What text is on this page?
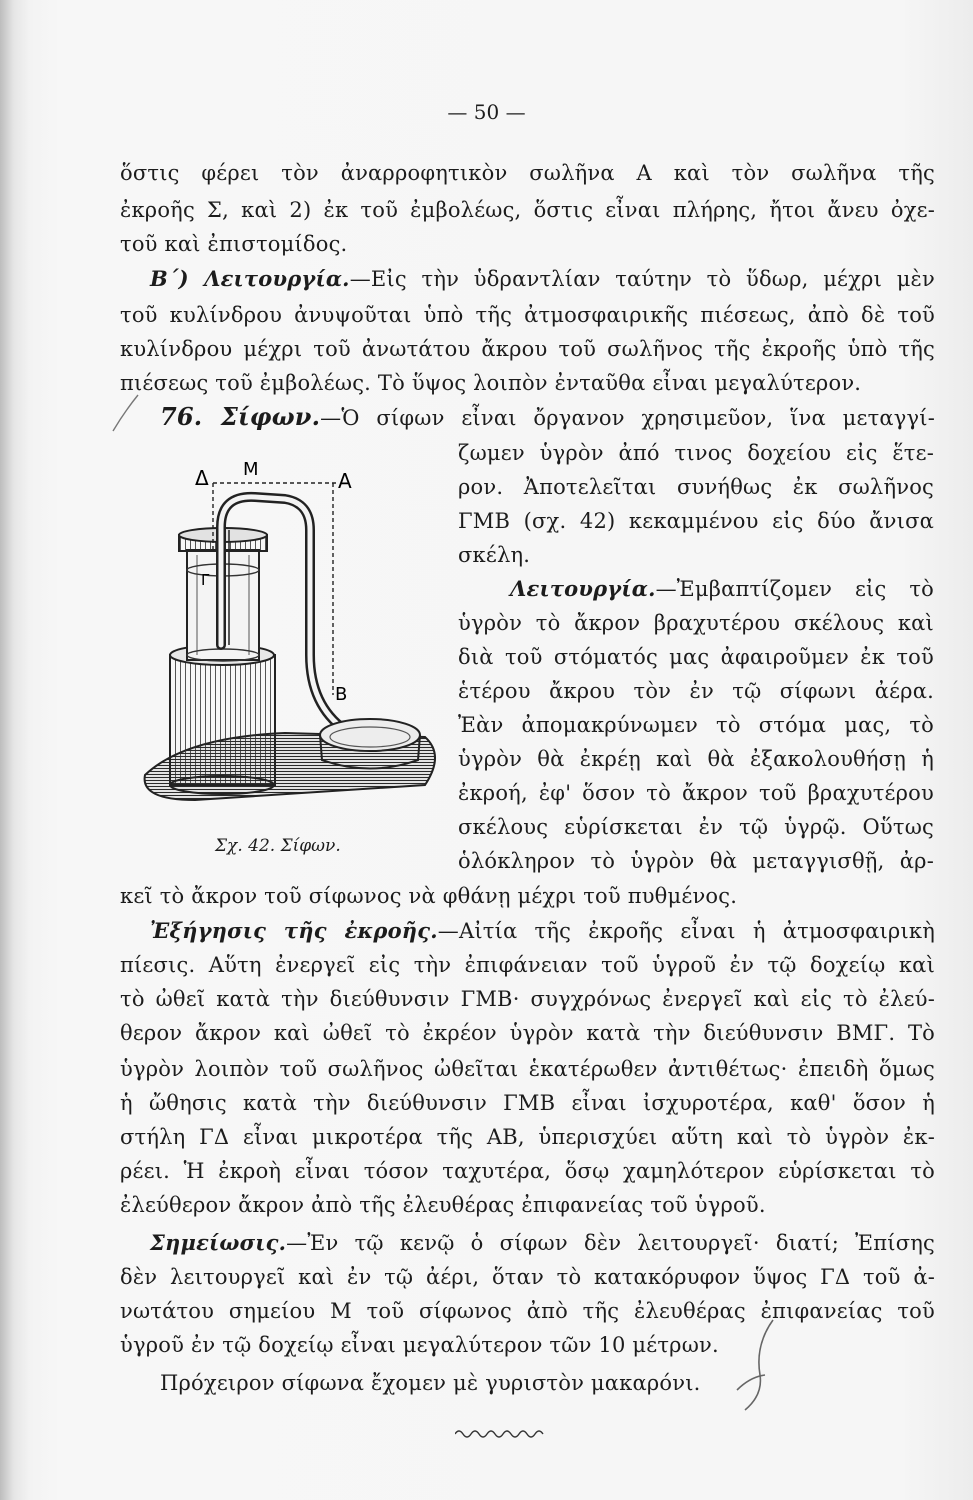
— 50 —
ὅστις φέρει τὸν ἀναρροφητικὸν σωλῆνα Α καὶ τὸν σωλῆνα τῆς
ἐκροῆς Σ, καὶ 2) ἐκ τοῦ ἐμβολέως, ὅστις εἶναι πλήρης, ἤτοι ἄνευ ὀχε-
τοῦ καὶ ἐπιστομίδος.
Β΄) Λειτουργία.—Εἰς τὴν ὑδραντλίαν ταύτην τὸ ὕδωρ, μέχρι μὲν
τοῦ κυλίνδρου ἀνυψοῦται ὑπὸ τῆς ἀτμοσφαιρικῆς πιέσεως, ἀπὸ δὲ τοῦ
κυλίνδρου μέχρι τοῦ ἀνωτάτου ἄκρου τοῦ σωλῆνος τῆς ἐκροῆς ὑπὸ τῆς
πιέσεως τοῦ ἐμβολέως. Τὸ ὕψος λοιπὸν ἐνταῦθα εἶναι μεγαλύτερον.
76. Σίφων.—Ὁ σίφων εἶναι ὄργανον χρησιμεῦον, ἵνα μεταγγί-
ζωμεν ὑγρὸν ἀπό τινος δοχείου εἰς ἕτε-
ρον. Ἀποτελεῖται συνήθως ἐκ σωλῆνος
ΓΜΒ (σχ. 42) κεκαμμένου εἰς δύο ἄνισα
σκέλη.
Λειτουργία.—Ἐμβαπτίζομεν εἰς τὸ
ὑγρὸν τὸ ἄκρον βραχυτέρου σκέλους καὶ
διὰ τοῦ στόματός μας ἀφαιροῦμεν ἐκ τοῦ
ἑτέρου ἄκρου τὸν ἐν τῷ σίφωνι ἀέρα.
Ἐὰν ἀπομακρύνωμεν τὸ στόμα μας, τὸ
ὑγρὸν θὰ ἐκρέῃ καὶ θὰ ἐξακολουθήσῃ ἡ
ἐκροή, ἐφ' ὅσον τὸ ἄκρον τοῦ βραχυτέρου
σκέλους εὑρίσκεται ἐν τῷ ὑγρῷ. Οὕτως
ὁλόκληρον τὸ ὑγρὸν θὰ μεταγγισθῇ, ἀρ-
Δ Μ	Α
Γ
Β
Σχ. 42. Σίφων.
κεῖ τὸ ἄκρον τοῦ σίφωνος νὰ φθάνῃ μέχρι τοῦ πυθμένος.
Ἐξήγησις τῆς ἐκροῆς.—Αἰτία τῆς ἐκροῆς εἶναι ἡ ἀτμοσφαιρικὴ
πίεσις. Αὕτη ἐνεργεῖ εἰς τὴν ἐπιφάνειαν τοῦ ὑγροῦ ἐν τῷ δοχείῳ καὶ
τὸ ὠθεῖ κατὰ τὴν διεύθυνσιν ΓΜΒ· συγχρόνως ἐνεργεῖ καὶ εἰς τὸ ἐλεύ-
θερον ἄκρον καὶ ὠθεῖ τὸ ἐκρέον ὑγρὸν κατὰ τὴν διεύθυνσιν ΒΜΓ. Τὸ
ὑγρὸν λοιπὸν τοῦ σωλῆνος ὠθεῖται ἑκατέρωθεν ἀντιθέτως· ἐπειδὴ ὅμως
ἡ ὤθησις κατὰ τὴν διεύθυνσιν ΓΜΒ εἶναι ἰσχυροτέρα, καθ' ὅσον ἡ
στήλη ΓΔ εἶναι μικροτέρα τῆς ΑΒ, ὑπερισχύει αὕτη καὶ τὸ ὑγρὸν ἐκ-
ρέει. Ἡ ἐκροὴ εἶναι τόσον ταχυτέρα, ὅσῳ χαμηλότερον εὑρίσκεται τὸ
ἐλεύθερον ἄκρον ἀπὸ τῆς ἐλευθέρας ἐπιφανείας τοῦ ὑγροῦ.
Σημείωσις.—Ἐν τῷ κενῷ ὁ σίφων δὲν λειτουργεῖ· διατί; Ἐπίσης
δὲν λειτουργεῖ καὶ ἐν τῷ ἀέρι, ὅταν τὸ κατακόρυφον ὕψος ΓΔ τοῦ ἀ-
νωτάτου σημείου Μ τοῦ σίφωνος ἀπὸ τῆς ἐλευθέρας ἐπιφανείας τοῦ
ὑγροῦ ἐν τῷ δοχείῳ εἶναι μεγαλύτερον τῶν 10 μέτρων.
Πρόχειρον σίφωνα ἔχομεν μὲ γυριστὸν μακαρόνι.
